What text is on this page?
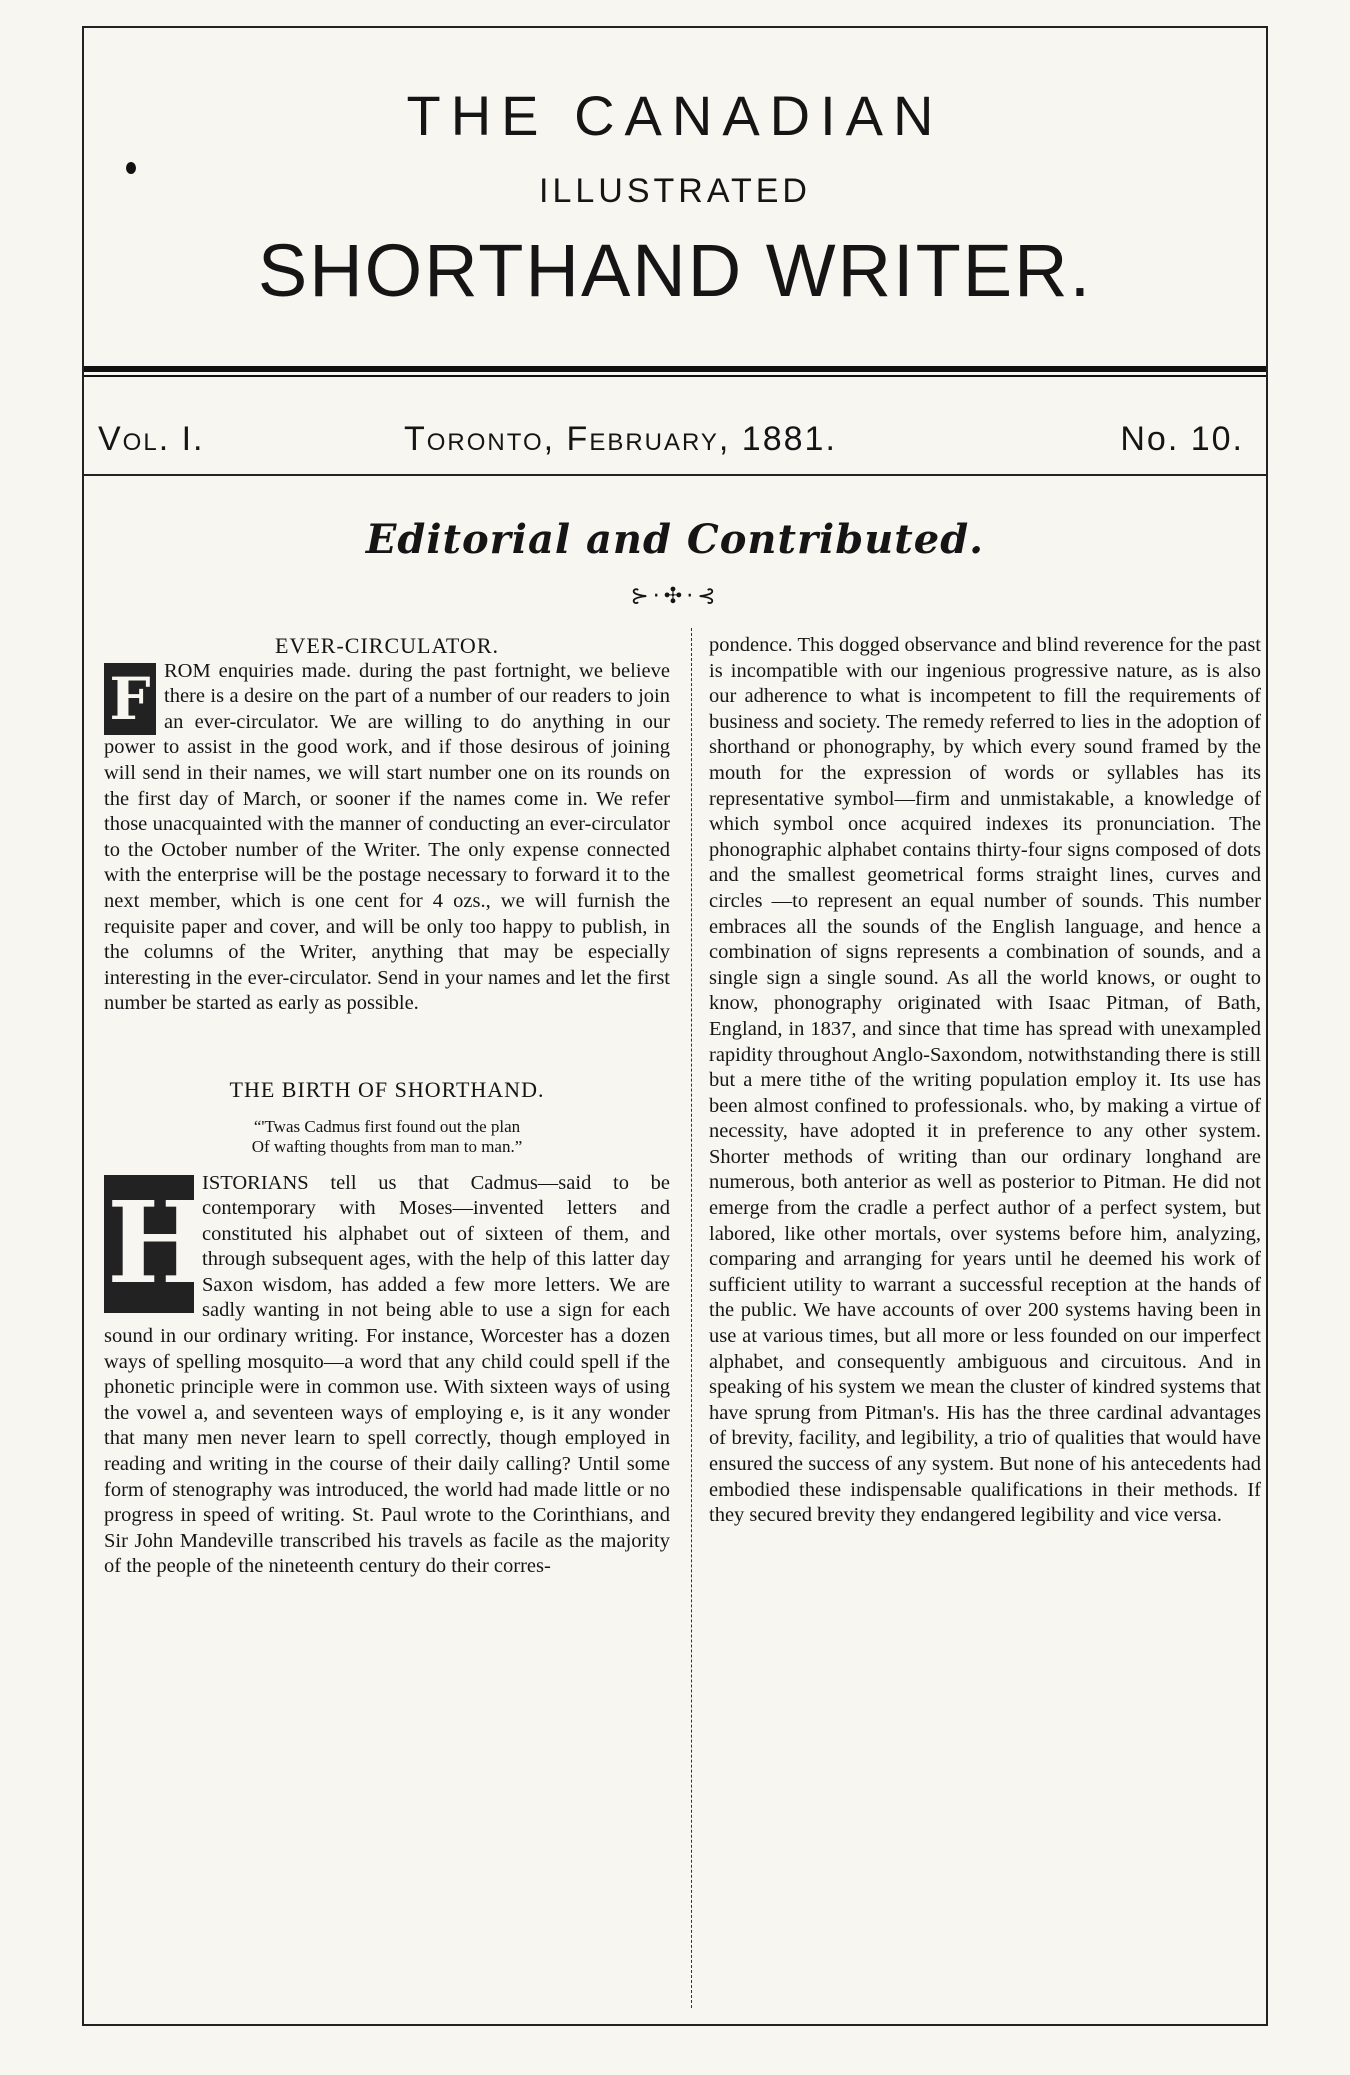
THE CANADIAN
ILLUSTRATED
SHORTHAND WRITER.
Vol. I.	Toronto, February, 1881.	No. 10.
Editorial and Contributed.
⊱·✣·⊰
EVER-CIRCULATOR.

F ROM enquiries made. during the past fortnight, we believe there is a desire on the part of a number of our readers to join an ever-circulator. We are willing to do anything in our power to assist in the good work, and if those desirous of joining will send in their names, we will start number one on its rounds on the first day of March, or sooner if the names come in. We refer those unacquainted with the manner of conducting an ever-circulator to the October number of the Writer. The only expense connected with the enterprise will be the postage necessary to forward it to the next member, which is one cent for 4 ozs., we will furnish the requisite paper and cover, and will be only too happy to publish, in the columns of the Writer, anything that may be especially interesting in the ever-circulator. Send in your names and let the first number be started as early as possible.

THE BIRTH OF SHORTHAND.

“'Twas Cadmus first found out the plan
Of wafting thoughts from man to man.”

H
ISTORIANS tell us that Cadmus—said to be contemporary with Moses—invented letters and constituted his alphabet out of sixteen of them, and through subsequent ages, with the help of this latter day Saxon wisdom, has added a few more letters. We are sadly wanting in not being able to use a sign for each sound in our ordinary writing. For instance, Worcester has a dozen ways of spelling mosquito—a word that any child could spell if the phonetic principle were in common use. With sixteen ways of using the vowel a, and seventeen ways of employing e, is it any wonder that many men never learn to spell correctly, though employed in reading and writing in the course of their daily calling? Until some form of stenography was introduced, the world had made little or no progress in speed of writing. St. Paul wrote to the Corinthians, and Sir John Mandeville transcribed his travels as facile as the majority of the people of the nineteenth century do their corres-

pondence. This dogged observance and blind reverence for the past is incompatible with our ingenious progressive nature, as is also our adherence to what is incompetent to fill the requirements of business and society. The remedy referred to lies in the adoption of shorthand or phonography, by which every sound framed by the mouth for the expression of words or syllables has its representative symbol—firm and unmistakable, a knowledge of which symbol once acquired indexes its pronunciation. The phonographic alphabet contains thirty-four signs composed of dots and the smallest geometrical forms straight lines, curves and circles —to represent an equal number of sounds. This number embraces all the sounds of the English language, and hence a combination of signs represents a combination of sounds, and a single sign a single sound. As all the world knows, or ought to know, phonography originated with Isaac Pitman, of Bath, England, in 1837, and since that time has spread with unexampled rapidity throughout Anglo-Saxondom, notwithstanding there is still but a mere tithe of the writing population employ it. Its use has been almost confined to professionals. who, by making a virtue of necessity, have adopted it in preference to any other system. Shorter methods of writing than our ordinary longhand are numerous, both anterior as well as posterior to Pitman. He did not emerge from the cradle a perfect author of a perfect system, but labored, like other mortals, over systems before him, analyzing, comparing and arranging for years until he deemed his work of sufficient utility to warrant a successful reception at the hands of the public. We have accounts of over 200 systems having been in use at various times, but all more or less founded on our imperfect alphabet, and consequently ambiguous and circuitous. And in speaking of his system we mean the cluster of kindred systems that have sprung from Pitman's. His has the three cardinal advantages of brevity, facility, and legibility, a trio of qualities that would have ensured the success of any system. But none of his antecedents had embodied these indispensable qualifications in their methods. If they secured brevity they endangered legibility and vice versa.
